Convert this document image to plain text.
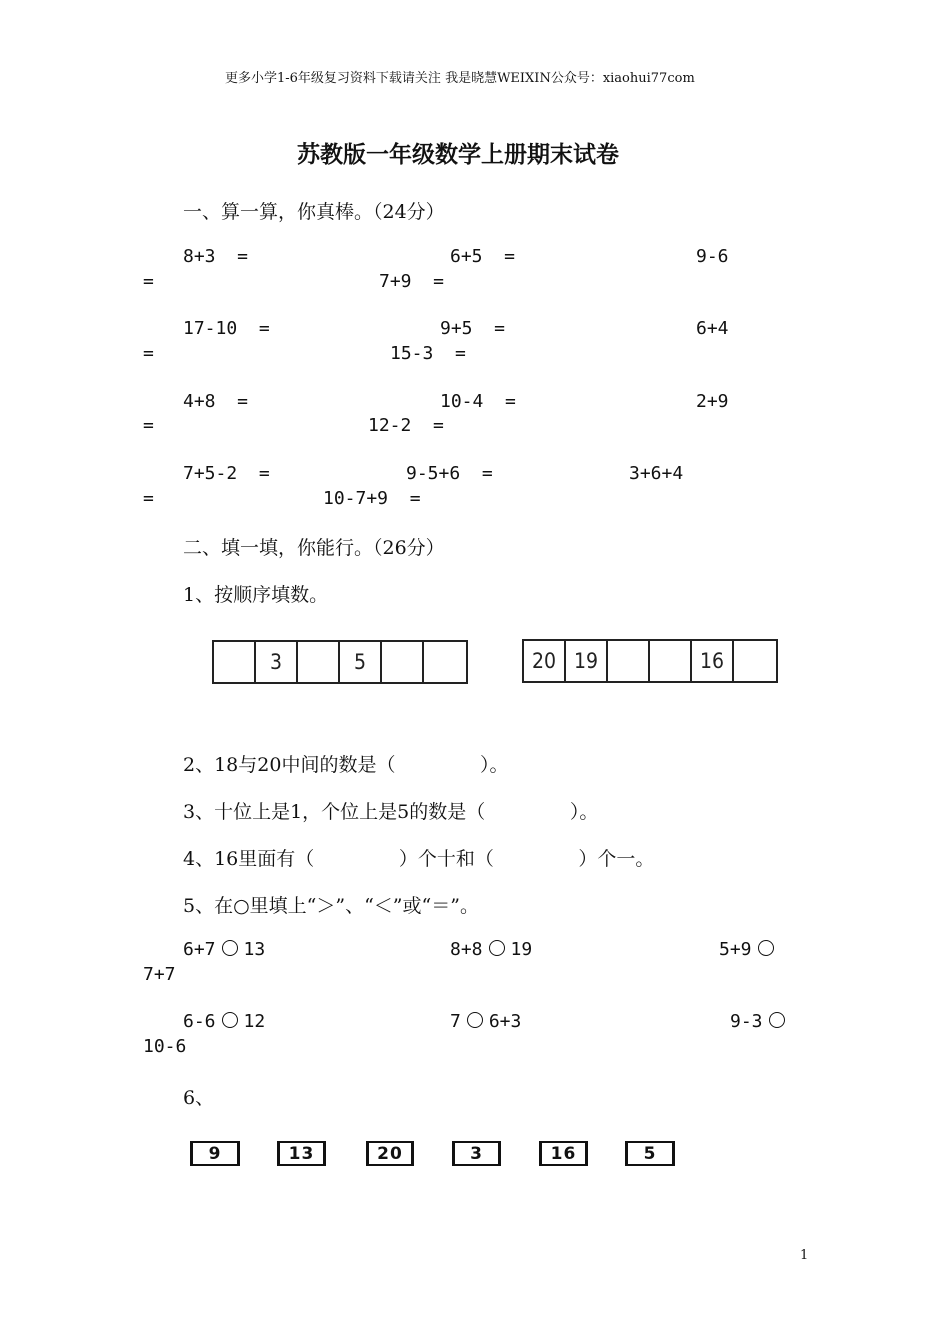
更多小学1-6年级复习资料下载请关注 我是晓慧WEIXIN公众号：xiaohui77com
苏教版一年级数学上册期末试卷
一、算一算，你真棒。（24分）
8+3  =	6+5  =	9-6
=	7+9  =
17-10  =	9+5  =	6+4
=	15-3  =
4+8  =	10-4  =	2+9
=	12-2  =
7+5-2  =	9-5+6  =	3+6+4
=	10-7+9  =
二、填一填，你能行。（26分）
1、按顺序填数。
3	5	20 19	16
2、18与20中间的数是（              ）。
3、十位上是1，个位上是5的数是（              ）。
4、16里面有（              ）个十和（              ）个一。
5、在○里填上“＞”、“＜”或“＝”。
6+7 13	8+8 19	5+9
7+7
6-6 12	7 6+3	9-3
10-6
6、
9	13	20	3	16	5
1
